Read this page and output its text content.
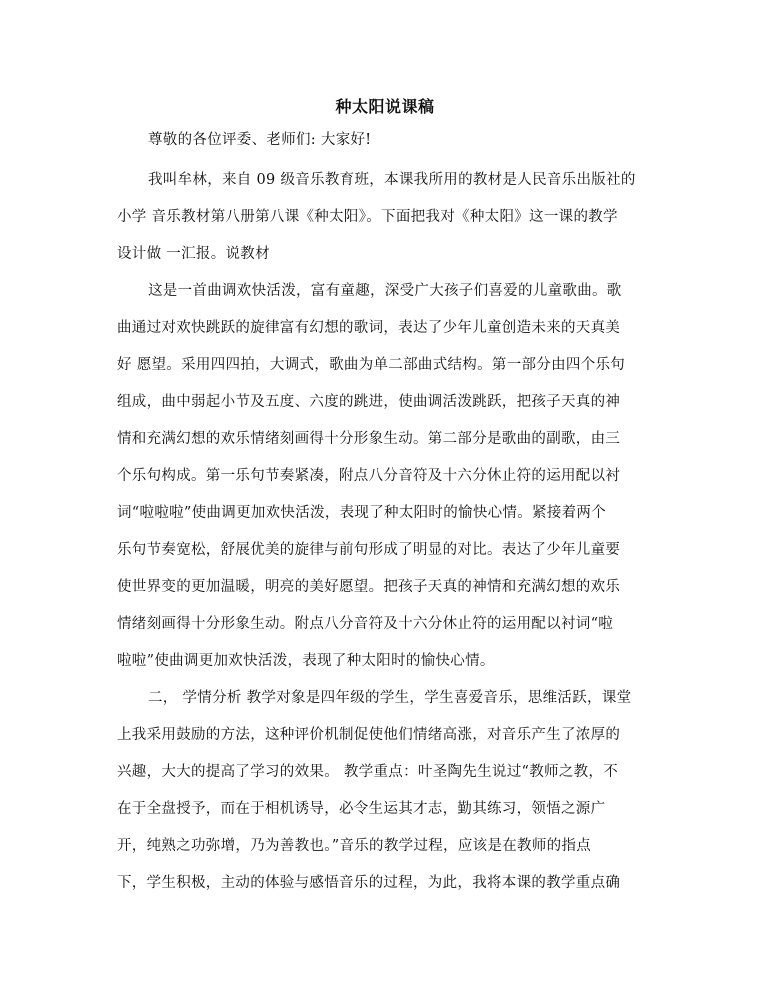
种太阳说课稿
尊敬的各位评委、老师们: 大家好!
我叫牟林，来自 09 级音乐教育班，本课我所用的教材是人民音乐出版社的
小学 音乐教材第八册第八课《种太阳》。下面把我对《种太阳》这一课的教学
设计做 一汇报。说教材
这是一首曲调欢快活泼，富有童趣，深受广大孩子们喜爱的儿童歌曲。歌
曲通过对欢快跳跃的旋律富有幻想的歌词，表达了少年儿童创造未来的天真美
好 愿望。采用四四拍，大调式，歌曲为单二部曲式结构。第一部分由四个乐句
组成，曲中弱起小节及五度、六度的跳进，使曲调活泼跳跃，把孩子天真的神
情和充满幻想的欢乐情绪刻画得十分形象生动。第二部分是歌曲的副歌，由三
个乐句构成。第一乐句节奏紧凑，附点八分音符及十六分休止符的运用配以衬
词“啦啦啦”使曲调更加欢快活泼，表现了种太阳时的愉快心情。紧接着两个
乐句节奏宽松，舒展优美的旋律与前句形成了明显的对比。表达了少年儿童要
使世界变的更加温暖，明亮的美好愿望。把孩子天真的神情和充满幻想的欢乐
情绪刻画得十分形象生动。附点八分音符及十六分休止符的运用配以衬词“啦
啦啦”使曲调更加欢快活泼，表现了种太阳时的愉快心情。
二， 学情分析 教学对象是四年级的学生，学生喜爱音乐，思维活跃，课堂
上我采用鼓励的方法，这种评价机制促使他们情绪高涨，对音乐产生了浓厚的
兴趣，大大的提高了学习的效果。 教学重点：叶圣陶先生说过“教师之教，不
在于全盘授予，而在于相机诱导，必令生运其才志，勤其练习，领悟之源广
开，纯熟之功弥增，乃为善教也。”音乐的教学过程，应该是在教师的指点
下，学生积极，主动的体验与感悟音乐的过程，为此，我将本课的教学重点确
